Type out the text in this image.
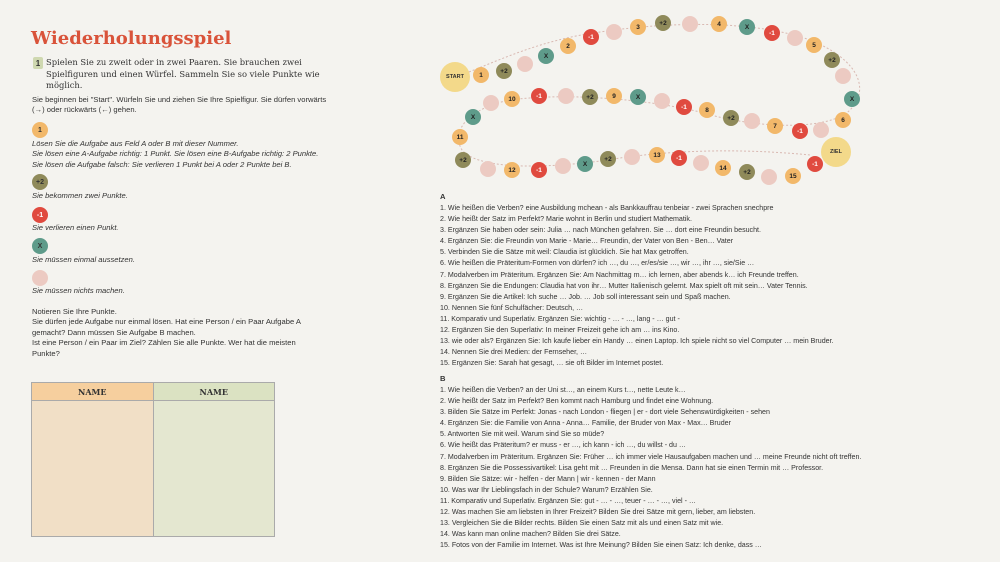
Wiederholungsspiel
1 Spielen Sie zu zweit oder in zwei Paaren. Sie brauchen zwei Spielfiguren und einen Würfel. Sammeln Sie so viele Punkte wie möglich.
Sie beginnen bei "Start". Würfeln Sie und ziehen Sie Ihre Spielfigur. Sie dürfen vorwärts (→) oder rückwärts (←) gehen.
1
Lösen Sie die Aufgabe aus Feld A oder B mit dieser Nummer.
Sie lösen eine A-Aufgabe richtig: 1 Punkt. Sie lösen eine B-Aufgabe richtig: 2 Punkte.
Sie lösen die Aufgabe falsch: Sie verlieren 1 Punkt bei A oder 2 Punkte bei B.
+2
Sie bekommen zwei Punkte.
-1
Sie verlieren einen Punkt.
X
Sie müssen einmal aussetzen.
Sie müssen nichts machen.
Notieren Sie Ihre Punkte.
Sie dürfen jede Aufgabe nur einmal lösen. Hat eine Person / ein Paar Aufgabe A
gemacht? Dann müssen Sie Aufgabe B machen.
Ist eine Person / ein Paar im Ziel? Zählen Sie alle Punkte. Wer hat die meisten
Punkte?
NAME	NAME
1
+2
X
2
-1
3
+2	4	X
-1
5
+2
X
6
-1
7
+2
8
-1
X
9
+2
-1
10
X
11
+2
12	-1
X
+2
13	-1
14
+2
15
-1
START
ZIEL
A
1. Wie heißen die Verben? eine Ausbildung mchean - als Bankkauffrau tenbeiar - zwei Sprachen snechpre
2. Wie heißt der Satz im Perfekt? Marie wohnt in Berlin und studiert Mathematik.
3. Ergänzen Sie haben oder sein: Julia … nach München gefahren. Sie … dort eine Freundin besucht.
4. Ergänzen Sie: die Freundin von Marie - Marie… Freundin, der Vater von Ben - Ben… Vater
5. Verbinden Sie die Sätze mit weil: Claudia ist glücklich. Sie hat Max getroffen.
6. Wie heißen die Präteritum-Formen von dürfen? ich …, du …, er/es/sie …, wir …, ihr …, sie/Sie …
7. Modalverben im Präteritum. Ergänzen Sie: Am Nachmittag m… ich lernen, aber abends k… ich Freunde treffen.
8. Ergänzen Sie die Endungen: Claudia hat von ihr… Mutter Italienisch gelernt. Max spielt oft mit sein… Vater Tennis.
9. Ergänzen Sie die Artikel: Ich suche … Job. … Job soll interessant sein und Spaß machen.
10. Nennen Sie fünf Schulfächer: Deutsch, …
11. Komparativ und Superlativ. Ergänzen Sie: wichtig - … - …, lang - … gut -
12. Ergänzen Sie den Superlativ: In meiner Freizeit gehe ich am … ins Kino.
13. wie oder als? Ergänzen Sie: Ich kaufe lieber ein Handy … einen Laptop. Ich spiele nicht so viel Computer … mein Bruder.
14. Nennen Sie drei Medien: der Fernseher, …
15. Ergänzen Sie: Sarah hat gesagt, … sie oft Bilder im Internet postet.
B
1. Wie heißen die Verben? an der Uni st…, an einem Kurs t…, nette Leute k…
2. Wie heißt der Satz im Perfekt? Ben kommt nach Hamburg und findet eine Wohnung.
3. Bilden Sie Sätze im Perfekt: Jonas - nach London - fliegen | er - dort viele Sehenswürdigkeiten - sehen
4. Ergänzen Sie: die Familie von Anna - Anna… Familie, der Bruder von Max - Max… Bruder
5. Antworten Sie mit weil. Warum sind Sie so müde?
6. Wie heißt das Präteritum? er muss - er …, ich kann - ich …, du willst - du …
7. Modalverben im Präteritum. Ergänzen Sie: Früher … ich immer viele Hausaufgaben machen und … meine Freunde nicht oft treffen.
8. Ergänzen Sie die Possessivartikel: Lisa geht mit … Freunden in die Mensa. Dann hat sie einen Termin mit … Professor.
9. Bilden Sie Sätze: wir - helfen - der Mann | wir - kennen - der Mann
10. Was war Ihr Lieblingsfach in der Schule? Warum? Erzählen Sie.
11. Komparativ und Superlativ. Ergänzen Sie: gut - … - …, teuer - … - …, viel - …
12. Was machen Sie am liebsten in Ihrer Freizeit? Bilden Sie drei Sätze mit gern, lieber, am liebsten.
13. Vergleichen Sie die Bilder rechts. Bilden Sie einen Satz mit als und einen Satz mit wie.
14. Was kann man online machen? Bilden Sie drei Sätze.
15. Fotos von der Familie im Internet. Was ist Ihre Meinung? Bilden Sie einen Satz: Ich denke, dass …
